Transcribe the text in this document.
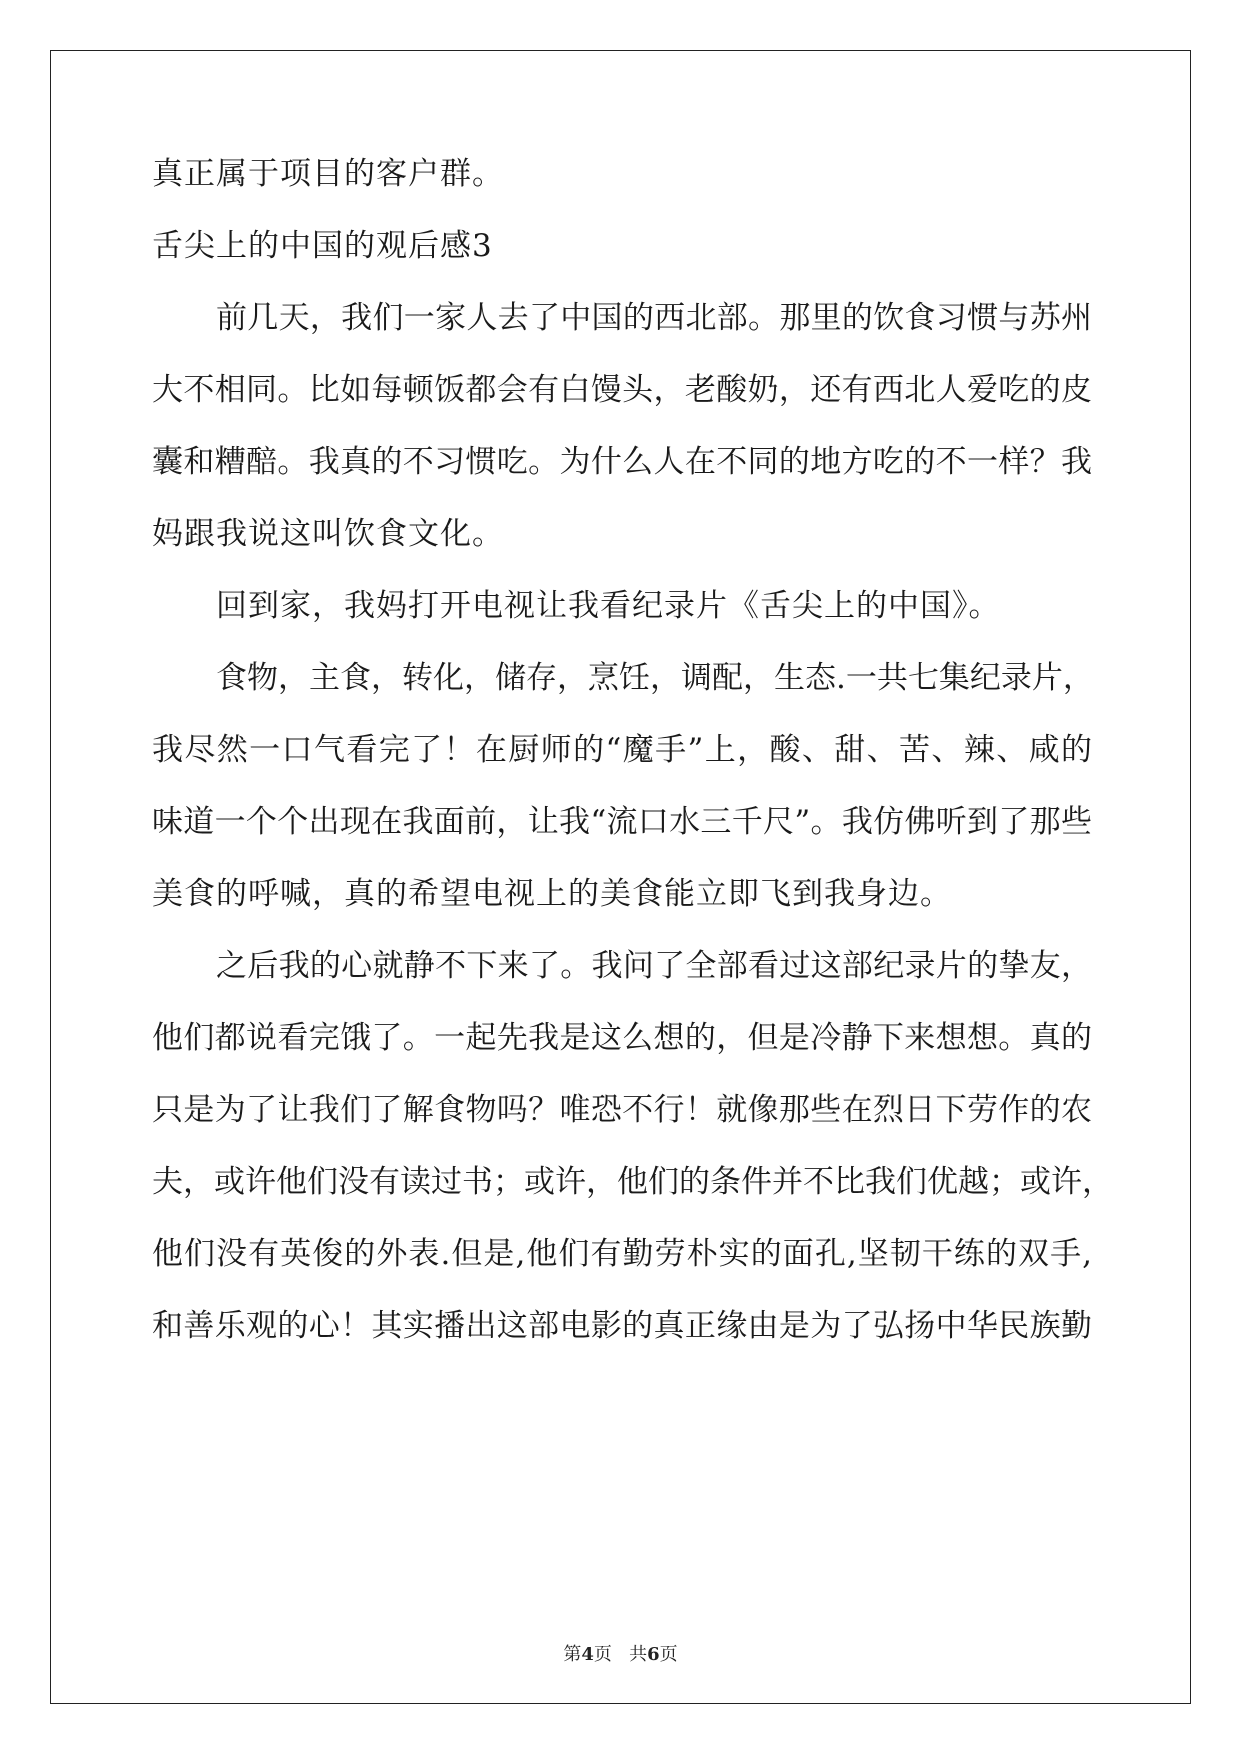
真正属于项目的客户群。
舌尖上的中国的观后感3
前几天，我们一家人去了中国的西北部。那里的饮食习惯与苏州
大不相同。比如每顿饭都会有白馒头，老酸奶，还有西北人爱吃的皮
囊和糟醅。我真的不习惯吃。为什么人在不同的地方吃的不一样？我
妈跟我说这叫饮食文化。
回到家，我妈打开电视让我看纪录片《舌尖上的中国》。
食物，主食，转化，储存，烹饪，调配，生态.一共七集纪录片，
我尽然一口气看完了！在厨师的“魔手”上，酸、甜、苦、辣、咸的
味道一个个出现在我面前，让我“流口水三千尺”。我仿佛听到了那些
美食的呼喊，真的希望电视上的美食能立即飞到我身边。
之后我的心就静不下来了。我问了全部看过这部纪录片的挚友，
他们都说看完饿了。一起先我是这么想的，但是冷静下来想想。真的
只是为了让我们了解食物吗？唯恐不行！就像那些在烈日下劳作的农
夫，或许他们没有读过书；或许，他们的条件并不比我们优越；或许，
他们没有英俊的外表.但是,他们有勤劳朴实的面孔,坚韧干练的双手,
和善乐观的心！其实播出这部电影的真正缘由是为了弘扬中华民族勤
第4页 共6页
